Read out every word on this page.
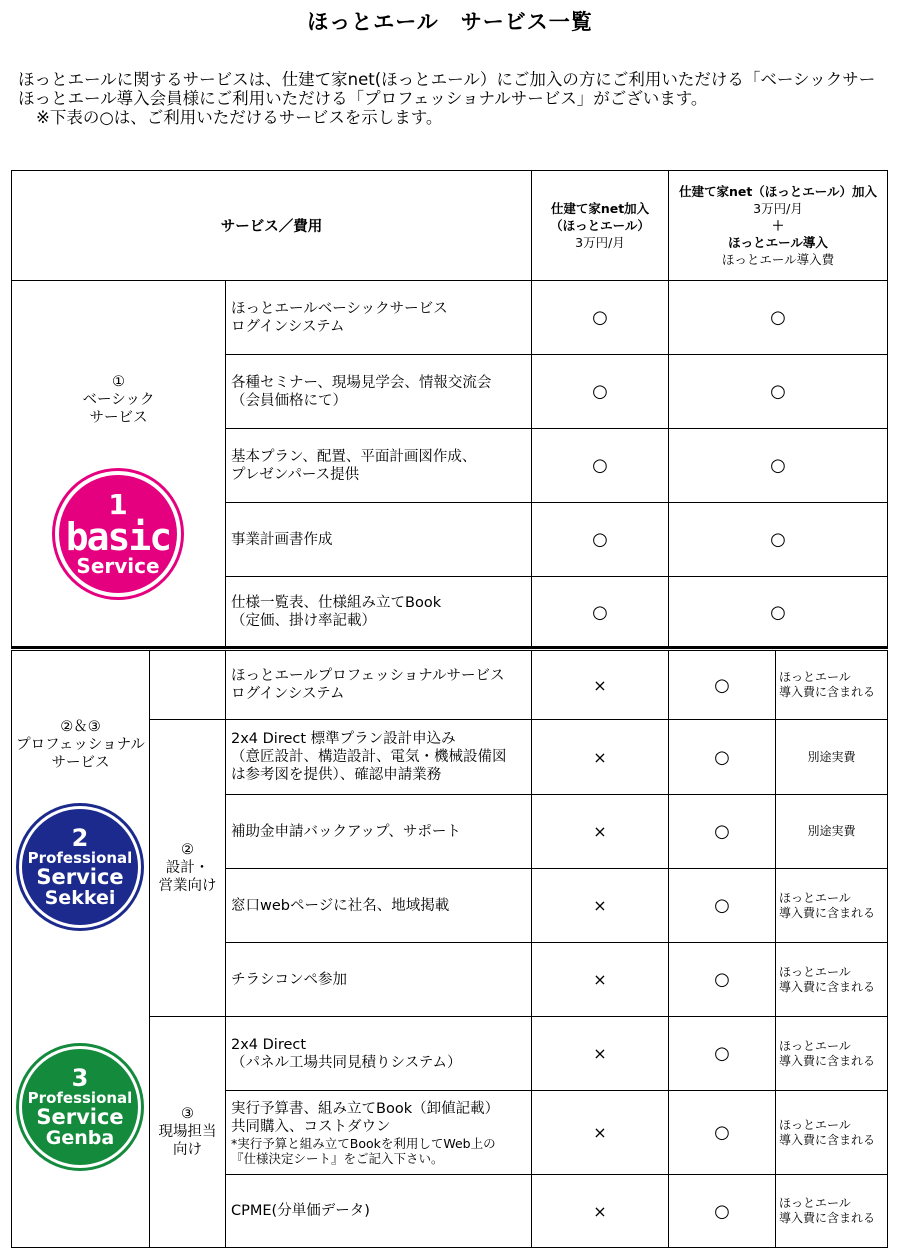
ほっとエール　サービス一覧
ほっとエールに関するサービスは、仕建て家net(ほっとエール）にご加入の方にご利用いただける「ベーシックサー
ほっとエール導入会員様にご利用いただける「プロフェッショナルサービス」がございます。
※下表の○は、ご利用いただけるサービスを示します。
サービス／費用
仕建て家net加入
（ほっとエール）
3万円/月
仕建て家net（ほっとエール）加入
3万円/月
＋
ほっとエール導入
ほっとエール導入費
①
ベーシック
サービス
1
basic
Service
ほっとエールベーシックサービス
ログインシステム	○	○
各種セミナー、現場見学会、情報交流会
（会員価格にて）	○	○
基本プラン、配置、平面計画図作成、
プレゼンパース提供	○	○
事業計画書作成	○	○
仕様一覧表、仕様組み立てBook
（定価、掛け率記載）	○	○
②＆③
プロフェッショナル
サービス
2
Professional
Service
Sekkei
3
Professional
Service
Genba
②
設計・
営業向け
③
現場担当
向け
ほっとエールプロフェッショナルサービス
ログインシステム	×	○	ほっとエール
導入費に含まれる
2x4 Direct 標準プラン設計申込み
（意匠設計、構造設計、電気・機械設備図
は参考図を提供）、確認申請業務
×	○	別途実費
補助金申請バックアップ、サポート	×	○	別途実費
窓口webページに社名、地域掲載	×	○	ほっとエール
導入費に含まれる
チラシコンペ参加	×	○	ほっとエール
導入費に含まれる
2x4 Direct
（パネル工場共同見積りシステム）	×	○	ほっとエール
導入費に含まれる
実行予算書、組み立てBook（卸値記載）
共同購入、コストダウン
*実行予算と組み立てBookを利用してWeb上の
『仕様決定シート』をご記入下さい。
×	○	ほっとエール
導入費に含まれる
CPME(分単価データ)	×	○	ほっとエール
導入費に含まれる
